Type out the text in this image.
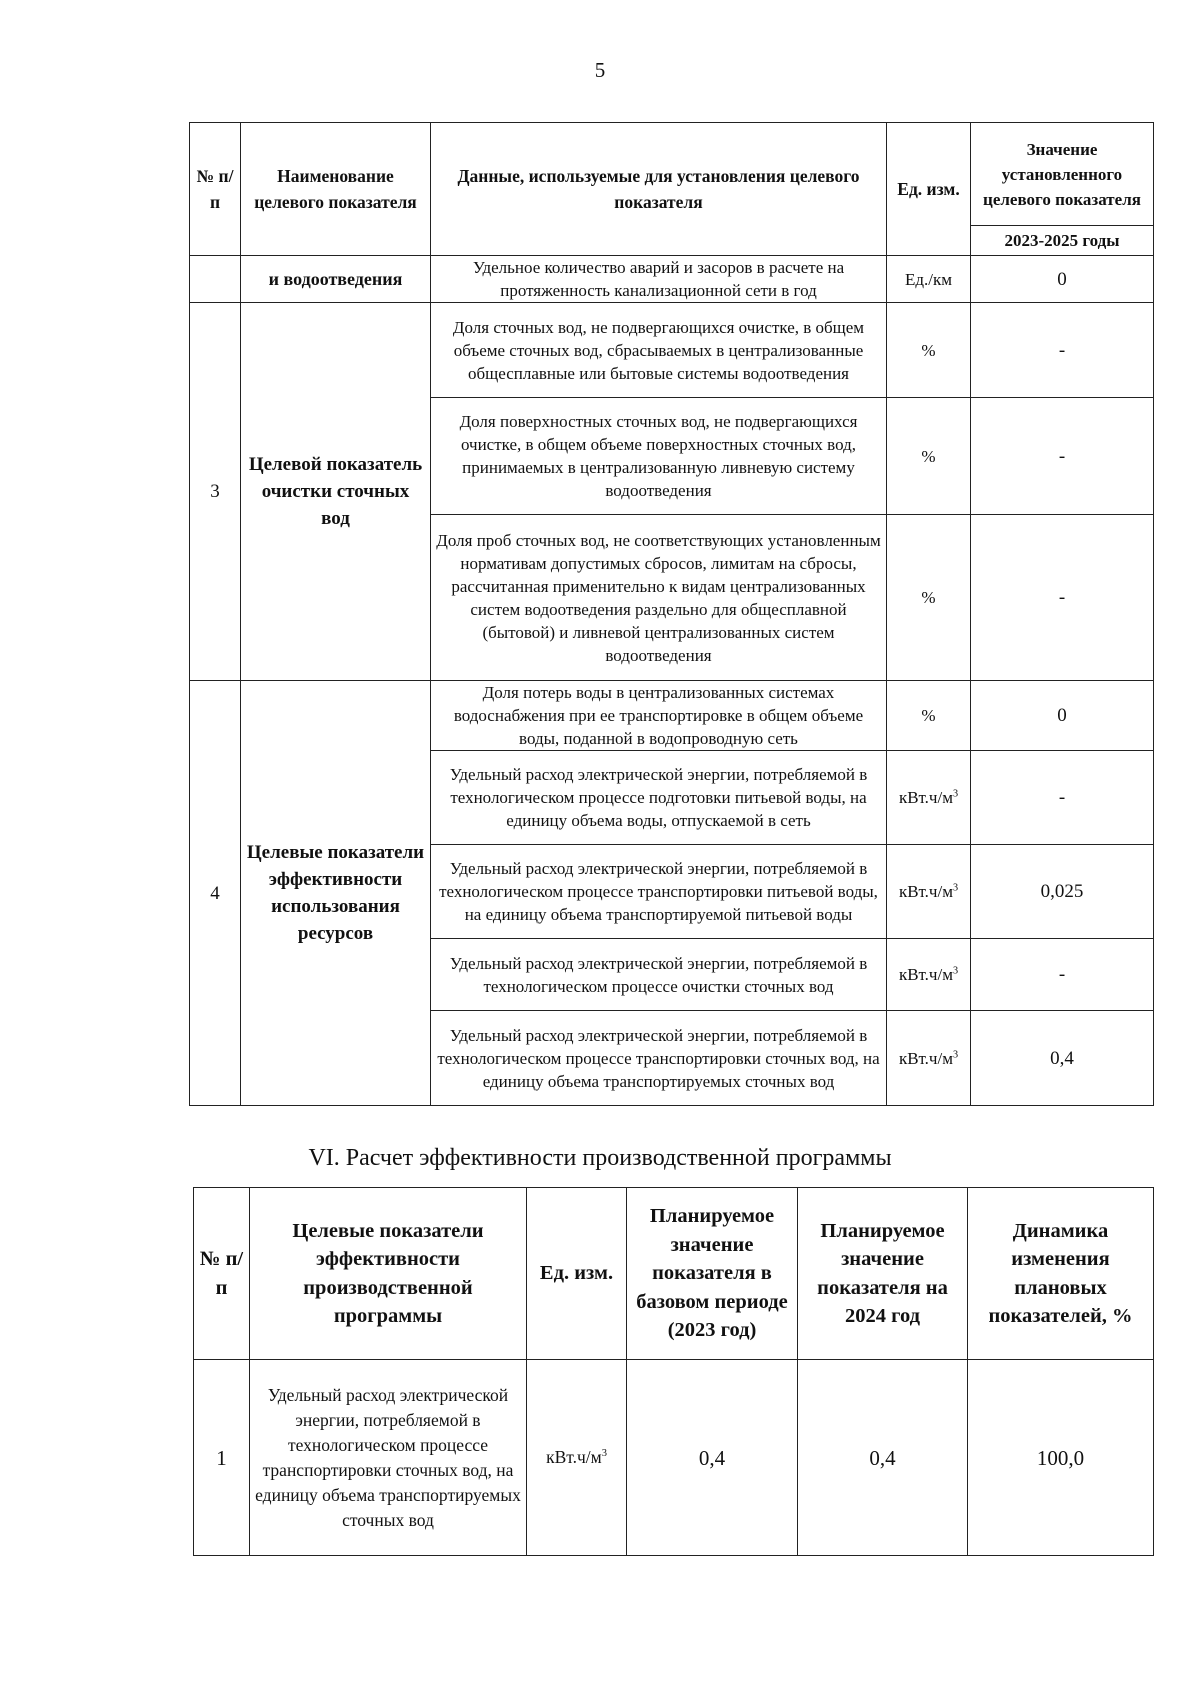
5
№ п/п	Наименование целевого показателя	Данные, используемые для установления целевого показателя	Ед. изм.	Значение установленного целевого показателя
				2023-2025 годы
	и водоотведения	Удельное количество аварий и засоров в расчете на протяженность канализационной сети в год	Ед./км	0
3	Целевой показатель очистки сточных вод	Доля сточных вод, не подвергающихся очистке, в общем объеме сточных вод, сбрасываемых в централизованные общесплавные или бытовые системы водоотведения	%	-
		Доля поверхностных сточных вод, не подвергающихся очистке, в общем объеме поверхностных сточных вод, принимаемых в централизованную ливневую систему водоотведения	%	-
		Доля проб сточных вод, не соответствующих установленным нормативам допустимых сбросов, лимитам на сбросы, рассчитанная применительно к видам централизованных систем водоотведения раздельно для общесплавной (бытовой) и ливневой централизованных систем водоотведения	%	-
4	Целевые показатели эффективности использования ресурсов	Доля потерь воды в централизованных системах водоснабжения при ее транспортировке в общем объеме воды, поданной в водопроводную сеть	%	0
		Удельный расход электрической энергии, потребляемой в технологическом процессе подготовки питьевой воды, на единицу объема воды, отпускаемой в сеть	$кВт.ч/м^3$	-
		Удельный расход электрической энергии, потребляемой в технологическом процессе транспортировки питьевой воды, на единицу объема транспортируемой питьевой воды	$кВт.ч/м^3$	0,025
		Удельный расход электрической энергии, потребляемой в технологическом процессе очистки сточных вод	$кВт.ч/м^3$	-
		Удельный расход электрической энергии, потребляемой в технологическом процессе транспортировки сточных вод, на единицу объема транспортируемых сточных вод	$кВт.ч/м^3$	0,4
VI. Расчет эффективности производственной программы
№ п/п	Целевые показатели эффективности производственной программы	Ед. изм.	Планируемое значение показателя в базовом периоде (2023 год)	Планируемое значение показателя на 2024 год	Динамика изменения плановых показателей, %
1	Удельный расход электрической энергии, потребляемой в технологическом процессе транспортировки сточных вод, на единицу объема транспортируемых сточных вод	$кВт.ч/м^3$	0,4	0,4	100,0
